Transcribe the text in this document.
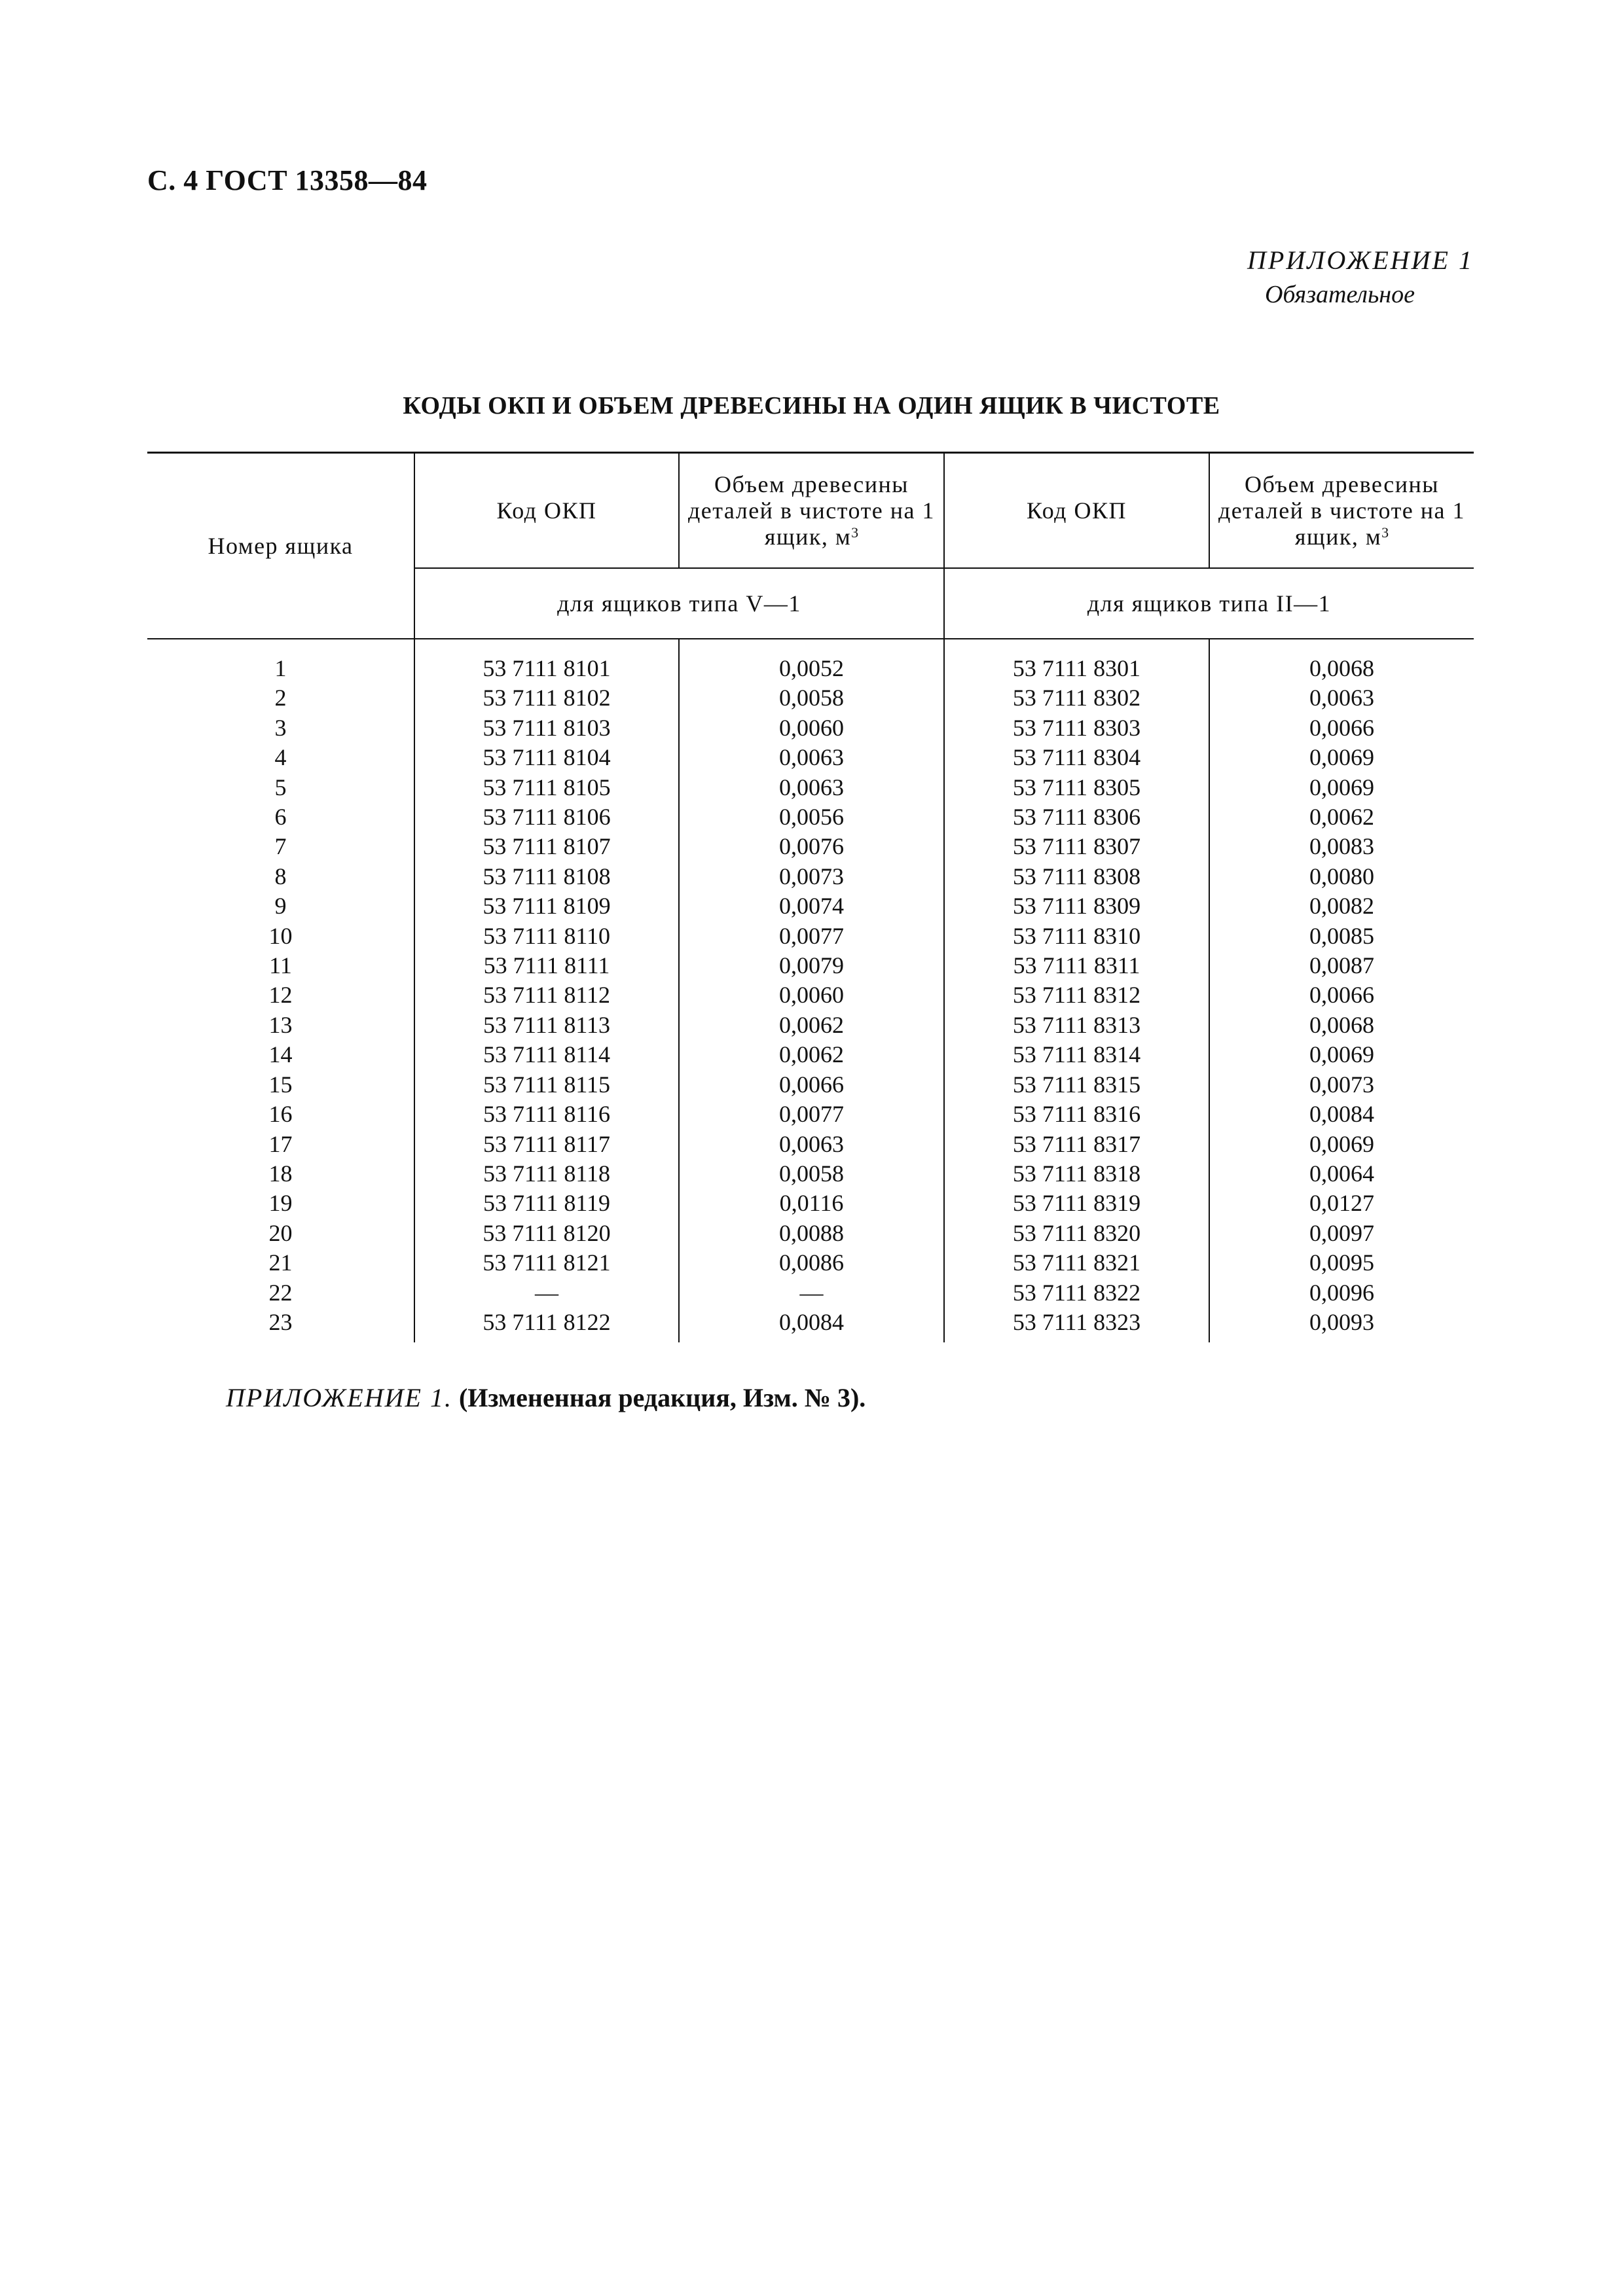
С. 4 ГОСТ 13358—84
ПРИЛОЖЕНИЕ 1
Обязательное
КОДЫ ОКП И ОБЪЕМ ДРЕВЕСИНЫ НА ОДИН ЯЩИК В ЧИСТОТЕ
Номер ящика	Код ОКП	Объем древесины деталей в чистоте на 1 ящик, $м^3$	Код ОКП	Объем древесины деталей в чистоте на 1 ящик, $м^3$
	для ящиков типа V—1		для ящиков типа II—1	

1	53 7111 8101	0,0052	53 7111 8301	0,0068
2	53 7111 8102	0,0058	53 7111 8302	0,0063
3	53 7111 8103	0,0060	53 7111 8303	0,0066
4	53 7111 8104	0,0063	53 7111 8304	0,0069
5	53 7111 8105	0,0063	53 7111 8305	0,0069
6	53 7111 8106	0,0056	53 7111 8306	0,0062
7	53 7111 8107	0,0076	53 7111 8307	0,0083
8	53 7111 8108	0,0073	53 7111 8308	0,0080
9	53 7111 8109	0,0074	53 7111 8309	0,0082
10	53 7111 8110	0,0077	53 7111 8310	0,0085
11	53 7111 8111	0,0079	53 7111 8311	0,0087
12	53 7111 8112	0,0060	53 7111 8312	0,0066
13	53 7111 8113	0,0062	53 7111 8313	0,0068
14	53 7111 8114	0,0062	53 7111 8314	0,0069
15	53 7111 8115	0,0066	53 7111 8315	0,0073
16	53 7111 8116	0,0077	53 7111 8316	0,0084
17	53 7111 8117	0,0063	53 7111 8317	0,0069
18	53 7111 8118	0,0058	53 7111 8318	0,0064
19	53 7111 8119	0,0116	53 7111 8319	0,0127
20	53 7111 8120	0,0088	53 7111 8320	0,0097
21	53 7111 8121	0,0086	53 7111 8321	0,0095
22	—	—	53 7111 8322	0,0096
23	53 7111 8122	0,0084	53 7111 8323	0,0093
ПРИЛОЖЕНИЕ 1. (Измененная редакция, Изм. № 3).
